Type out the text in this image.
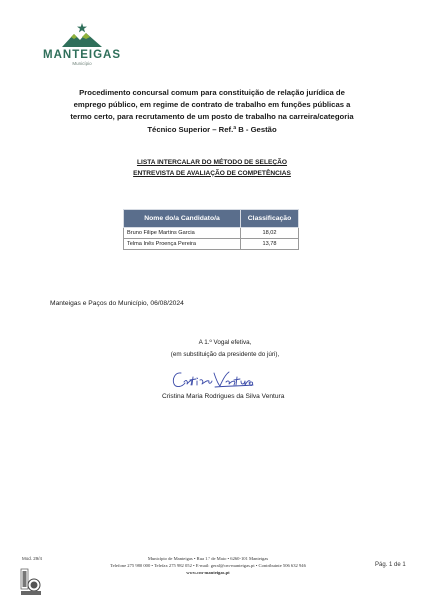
MANTEIGAS
Município
Procedimento concursal comum para constituição de relação jurídica de
emprego público, em regime de contrato de trabalho em funções públicas a
termo certo, para recrutamento de um posto de trabalho na carreira/categoria
Técnico Superior – Ref.ª B - Gestão
LISTA INTERCALAR DO MÉTODO DE SELEÇÃO
ENTREVISTA DE AVALIAÇÃO DE COMPETÊNCIAS
Nome do/a Candidato/a	Classificação
Bruno Filipe Martins Garcia	18,02
Telma Inês Proença Pereira	13,78
Manteigas e Paços do Município, 06/08/2024
A 1.º Vogal efetiva,
(em substituição da presidente do júri),
Cristina Maria Rodrigues da Silva Ventura
Mod. 29/4	Município de Manteigas • Rua 1.º de Maio • 6260-101 Manteigas
Telefone 275 980 000 • Telefax 275 982 052 • E-mail: geral@cm-manteigas.pt • Contribuinte 506 632 946
www.cm-manteigas.pt
Pág. 1 de 1
